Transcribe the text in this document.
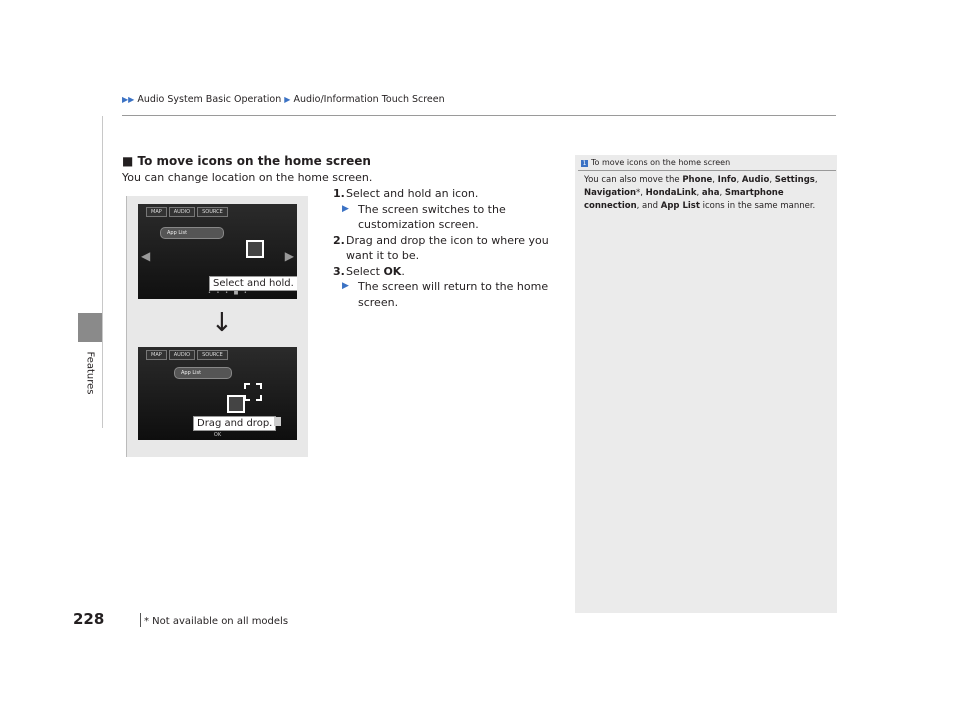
▶▶ Audio System Basic Operation ▶ Audio/Information Touch Screen
Features
■ To move icons on the home screen
You can change location on the home screen.
1. Select and hold an icon.
▶ The screen switches to the customization screen.
2. Drag and drop the icon to where you want it to be.
3. Select OK.
▶ The screen will return to the home screen.
MAP	AUDIO	SOURCE
App List
◀	▶
Select and hold.
• • • ■ •
↓
MAP	AUDIO	SOURCE
App List
Drag and drop.
OK
1 To move icons on the home screen
You can also move the Phone, Info, Audio, Settings, Navigation*, HondaLink, aha, Smartphone connection, and App List icons in the same manner.
228	* Not available on all models
